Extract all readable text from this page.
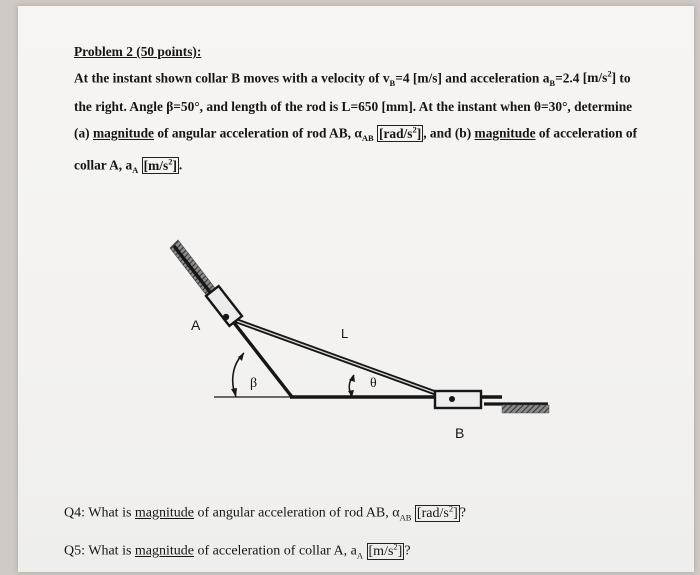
Problem 2 (50 points):
At the instant shown collar B moves with a velocity of $v_B=4$ [m/s] and acceleration $a_B=2.4$ $[m/s^2]$ to
the right. Angle β=50°, and length of the rod is L=650 [mm]. At the instant when θ=30°, determine
(a) magnitude of angular acceleration of rod AB, $\alpha_{AB}$ $[rad/s^2]$ , and (b) magnitude of acceleration of
collar A, $a_A$ $[m/s^2]$ .
A
L
β	θ
B
Q4: What is magnitude of angular acceleration of rod AB, $\alpha_{AB}$ $[rad/s^2]$ ?
Q5: What is magnitude of acceleration of collar A, $a_A$ $[m/s^2]$ ?
